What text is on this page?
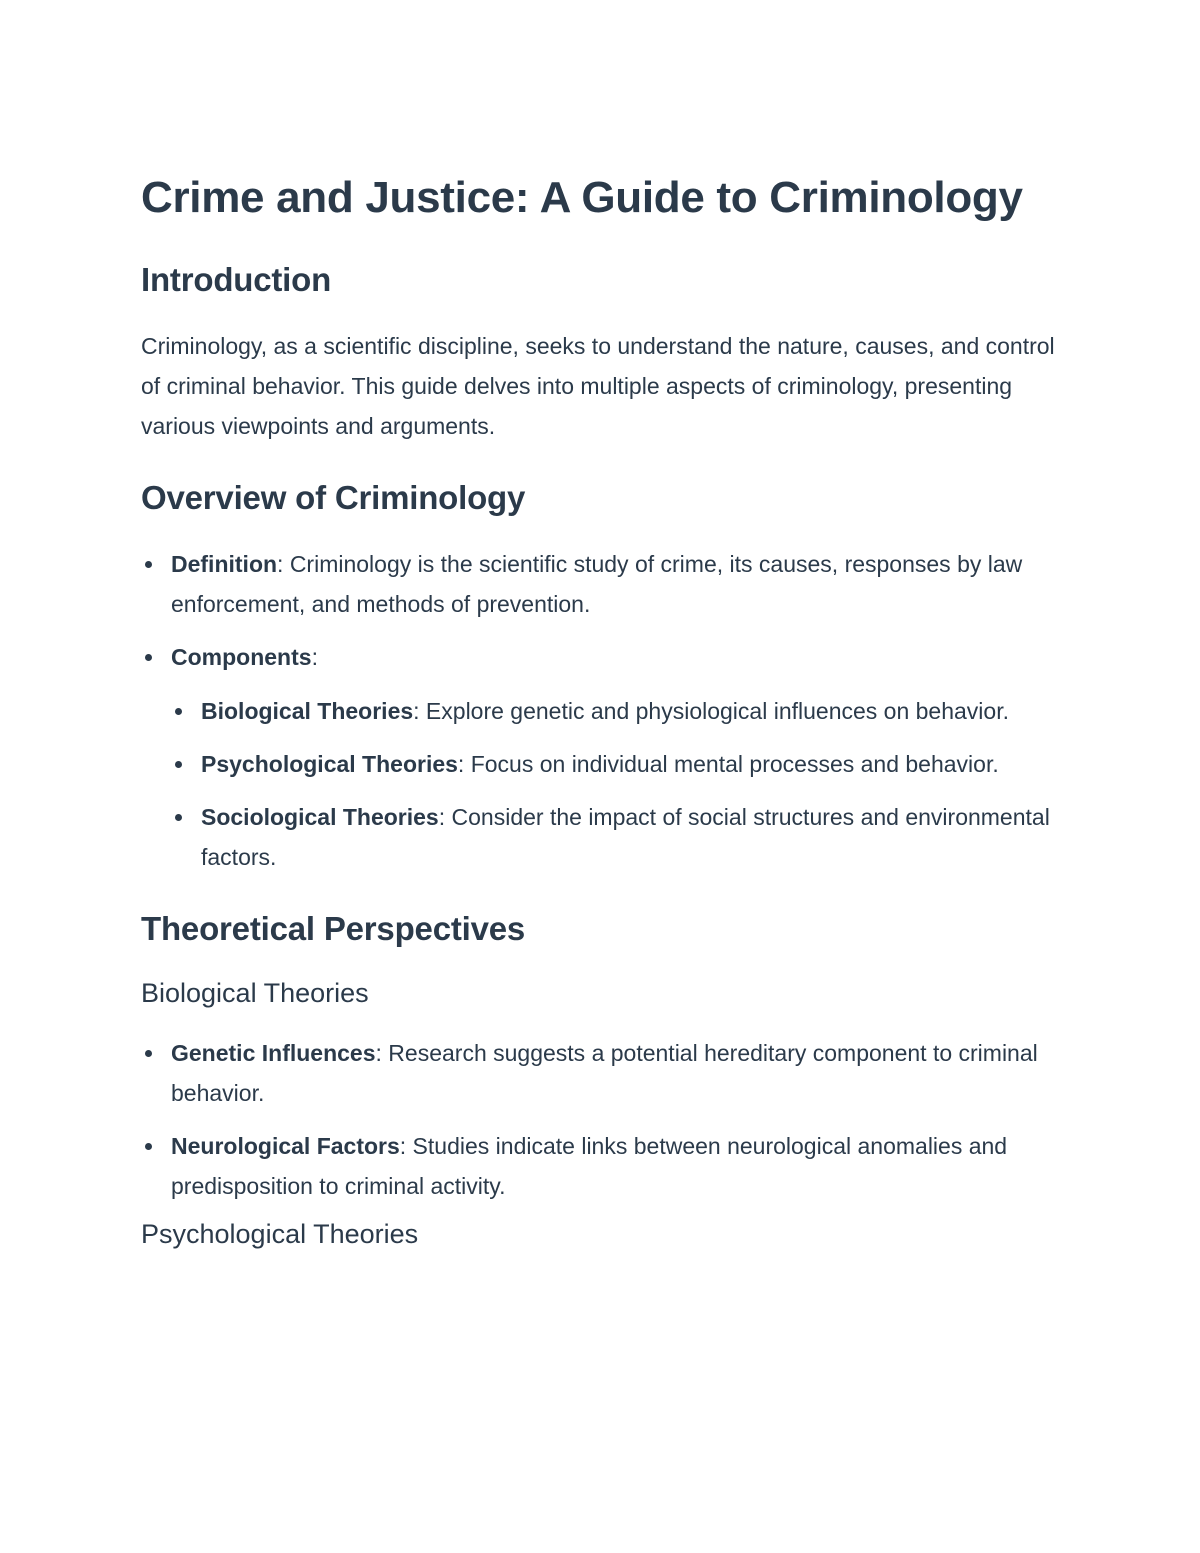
Crime and Justice: A Guide to Criminology
Introduction

Criminology, as a scientific discipline, seeks to understand the nature, causes, and control of criminal behavior. This guide delves into multiple aspects of criminology, presenting various viewpoints and arguments.

Overview of Criminology
Definition: Criminology is the scientific study of crime, its causes, responses by law enforcement, and methods of prevention.
Components:
Biological Theories: Explore genetic and physiological influences on behavior.
Psychological Theories: Focus on individual mental processes and behavior.
Sociological Theories: Consider the impact of social structures and environmental factors.
Theoretical Perspectives
Biological Theories
Genetic Influences: Research suggests a potential hereditary component to criminal behavior.
Neurological Factors: Studies indicate links between neurological anomalies and predisposition to criminal activity.
Psychological Theories
